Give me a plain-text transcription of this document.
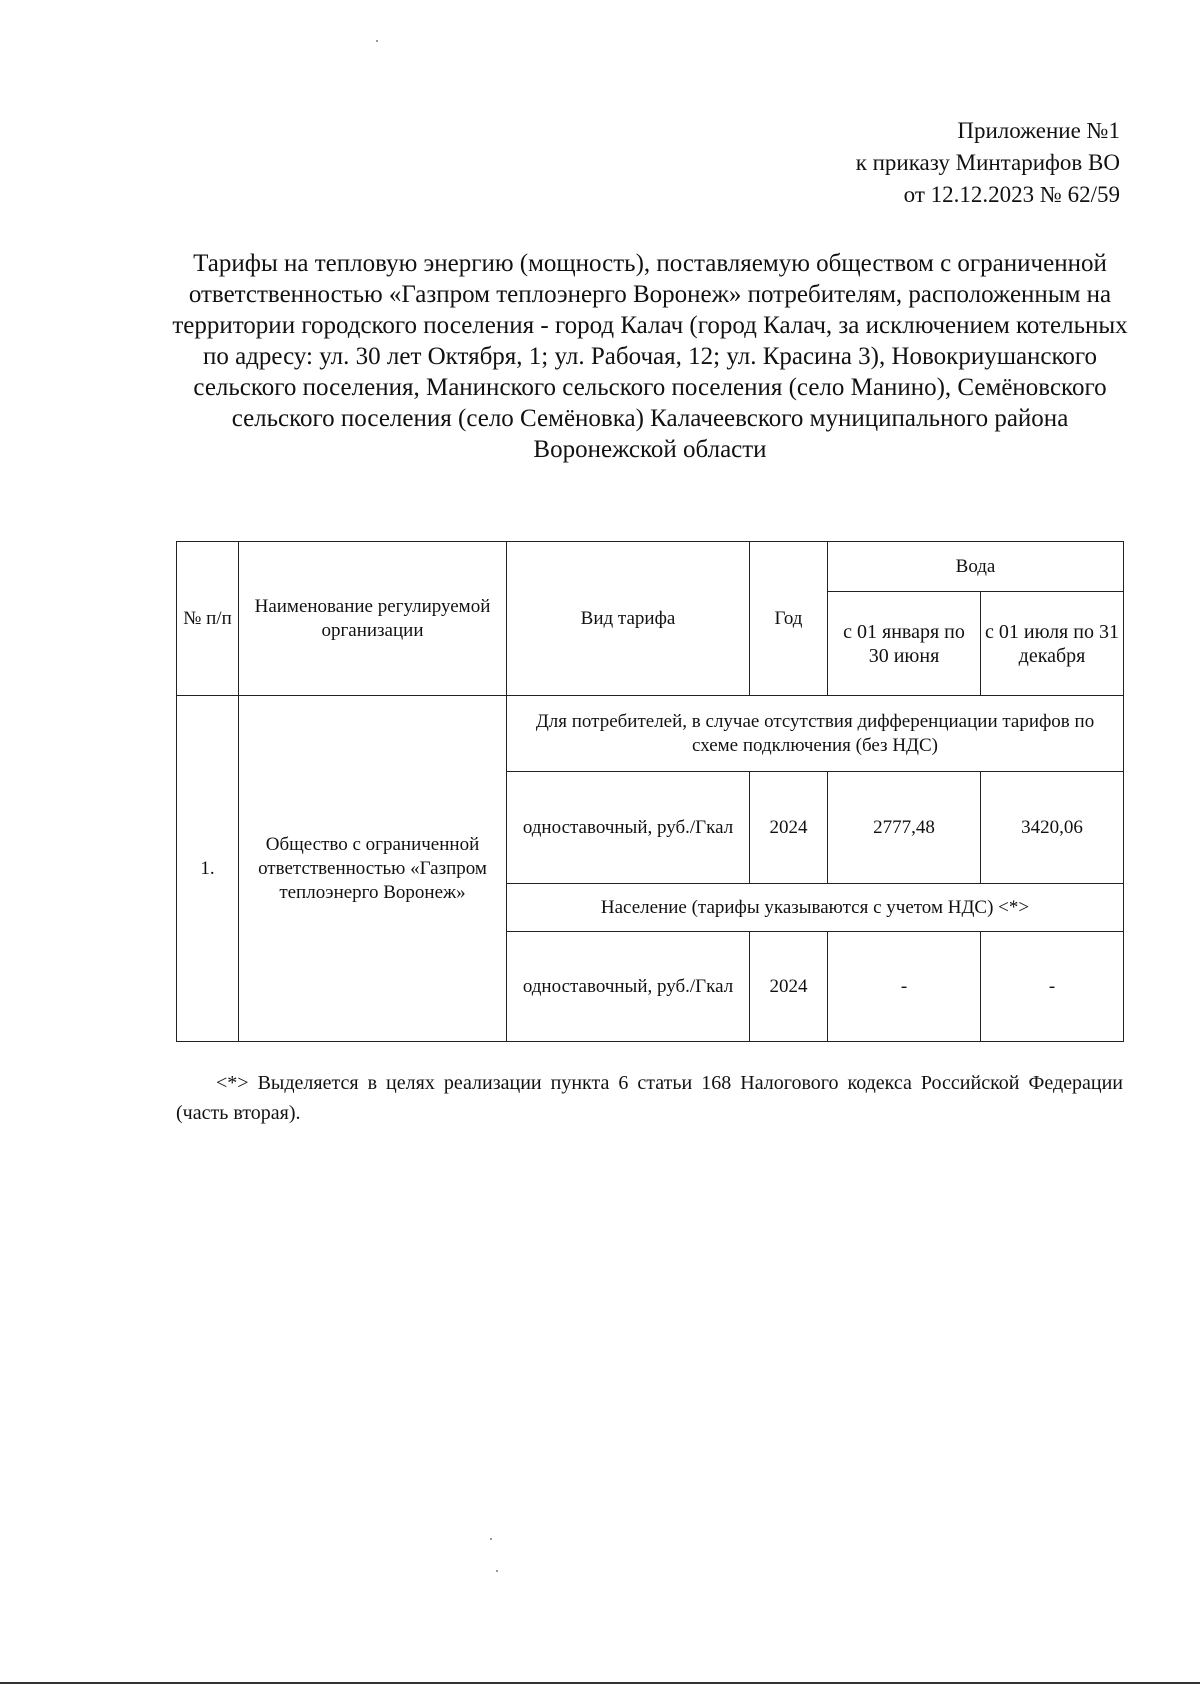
Приложение №1
к приказу Минтарифов ВО
от 12.12.2023 № 62/59
Тарифы на тепловую энергию (мощность), поставляемую обществом с ограниченной ответственностью «Газпром теплоэнерго Воронеж» потребителям, расположенным на территории городского поселения - город Калач (город Калач, за исключением котельных по адресу: ул. 30 лет Октября, 1; ул. Рабочая, 12; ул. Красина 3), Новокриушанского сельского поселения, Манинского сельского поселения (село Манино), Семёновского сельского поселения (село Семёновка) Калачеевского муниципального района Воронежской области
№ п/п	Наименование регулируемой организации	Вид тарифа	Год	Вода	
				с 01 января по 30 июня	с 01 июля по 31 декабря
1.	Общество с ограниченной ответственностью «Газпром теплоэнерго Воронеж»	Для потребителей, в случае отсутствия дифференциации тарифов по схеме подключения (без НДС)			
		одноставочный, руб./Гкал	2024	2777,48	3420,06
		Население (тарифы указываются с учетом НДС) <*>			
		одноставочный, руб./Гкал	2024	-	-
<*> Выделяется в целях реализации пункта 6 статьи 168 Налогового кодекса Российской Федерации (часть вторая).
